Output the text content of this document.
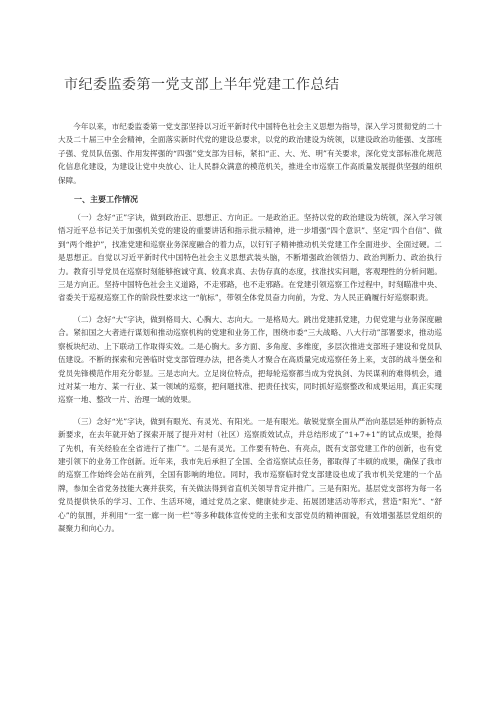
市纪委监委第一党支部上半年党建工作总结

今年以来，市纪委监委第一党支部坚持以习近平新时代中国特色社会主义思想为指导，深入学习贯彻党的二十大及二十届三中全会精神，全面落实新时代党的建设总要求，以党的政治建设为统领，以建设政治功能强、支部班子强、党员队伍强、作用发挥强的“四强”党支部为目标，紧扣“正、大、光、明”有关要求，深化党支部标准化规范化信息化建设，为建设让党中央放心、让人民群众满意的模范机关，推进全市巡察工作高质量发展提供坚强的组织保障。

一、主要工作情况

（一）念好“正”字诀，做到政治正、思想正、方向正。一是政治正。坚持以党的政治建设为统领，深入学习领悟习近平总书记关于加强机关党的建设的重要讲话和指示批示精神，进一步增强“四个意识”、坚定“四个自信”、做到“两个维护”，找准党建和巡察业务深度融合的着力点，以钉钉子精神推动机关党建工作全面进步、全面过硬。二是思想正。自觉以习近平新时代中国特色社会主义思想武装头脑，不断增强政治领悟力、政治判断力、政治执行力。教育引导党员在巡察时刻能够抱诚守真、较真求真、去伪存真的态度，找准找实问题，客观理性的分析问题。三是方向正。坚持中国特色社会主义道路，不走邪路，也不走邪路。在党建引领巡察工作过程中，时刻瞄准中央、省委关于巡视巡察工作的阶段性要求这一“航标”，带领全体党员奋力向前，为党、为人民正确履行好巡察职责。

（二）念好“大”字诀，做到格局大、心胸大、志向大。一是格局大。跳出党建抓党建，力促党建与业务深度融合。紧扣国之大者进行谋划和推动巡察机构的党建和业务工作，围绕市委“三大战略、八大行动”部署要求，推动巡察板块纪动、上下联动工作取得实效。二是心胸大。多方面、多角度、多维度，多层次推进支部班子建设和党员队伍建设。不断的探索和完善临时党支部管理办法，把各类人才聚合在高质量完成巡察任务上来，支部的战斗堡垒和党员先锋模范作用充分彰显。三是志向大。立足岗位特点，把每轮巡察都当成为党执剑、为民谋利的难得机会，通过对某一地方、某一行业、某一领域的巡察，把问题找准、把责任找实，同时抓好巡察整改和成果运用，真正实现巡察一地、整改一片、治理一域的效果。

（三）念好“光”字诀，做到有眼光、有灵光、有阳光。一是有眼光。敏锐觉察全面从严治向基层延伸的新特点新要求，在去年就开始了探索开展了提升对村（社区）巡察质效试点，并总结形成了“1+7+1”的试点成果，抢得了先机，有关经验在全省进行了推广”。二是有灵光。工作要有特色、有亮点，既有支部党建工作的创新，也有党建引领下的业务工作创新。近年来，我市先后承担了全国、全省巡察试点任务，都取得了丰硕的成果，确保了我市的巡察工作始终会站在前列，全国有影响的地位。同时，我市巡察临时党支部建设也成了我市机关党建的一个品牌，参加全省党务技能大赛并获奖，有关做法得到省直机关领导肯定并推广。三是有阳光。基层党支部将为每一名党员提供快乐的学习、工作、生活环境，通过党员之家、健康徒步走、拓展团建活动等形式，营造“阳光”、“舒心”的氛围，并利用“一室一廊一岗一栏”等多种载体宣传党的主张和支部党员的精神面貌，有效增强基层党组织的凝聚力和向心力。
